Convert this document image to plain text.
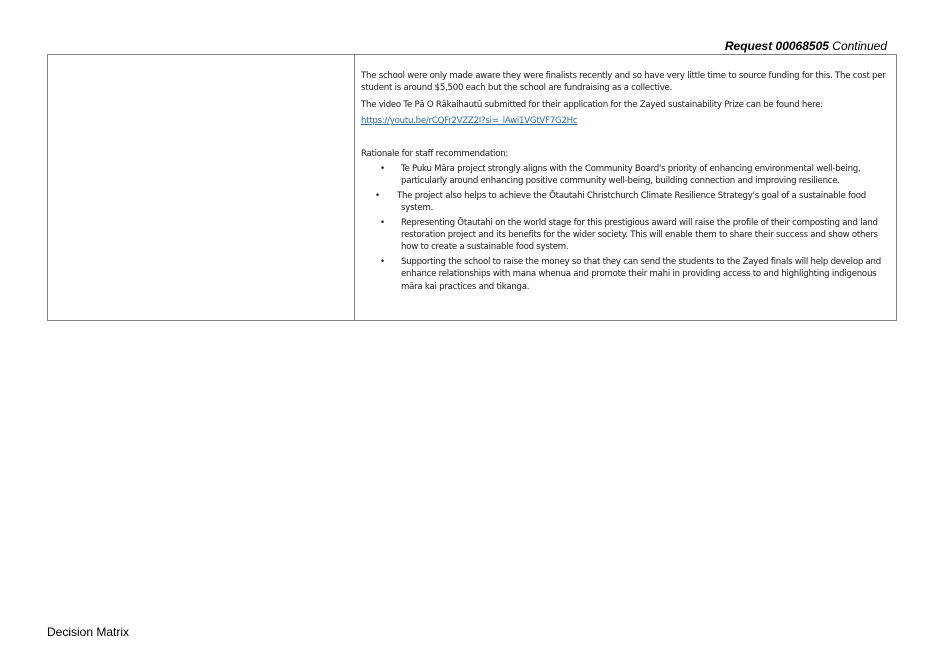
Request 00068505 Continued

The school were only made aware they were finalists recently and so have very little time to source funding for this. The cost per student is around $5,500 each but the school are fundraising as a collective.

The video Te Pā O Rākaihautū submitted for their application for the Zayed sustainability Prize can be found here:

https://youtu.be/rCQFr2VZZ2I?si=_lAwi1VGtVF7G2Hc

Rationale for staff recommendation:

• Te Puku Māra project strongly aligns with the Community Board's priority of enhancing environmental well-being, particularly around enhancing positive community well-being, building connection and improving resilience.
• The project also helps to achieve the Ōtautahi Christchurch Climate Resilience Strategy's goal of a sustainable food system.
• Representing Ōtautahi on the world stage for this prestigious award will raise the profile of their composting and land restoration project and its benefits for the wider society. This will enable them to share their success and show others how to create a sustainable food system.
• Supporting the school to raise the money so that they can send the students to the Zayed finals will help develop and enhance relationships with mana whenua and promote their mahi in providing access to and highlighting indigenous māra kai practices and tikanga.
Decision Matrix
